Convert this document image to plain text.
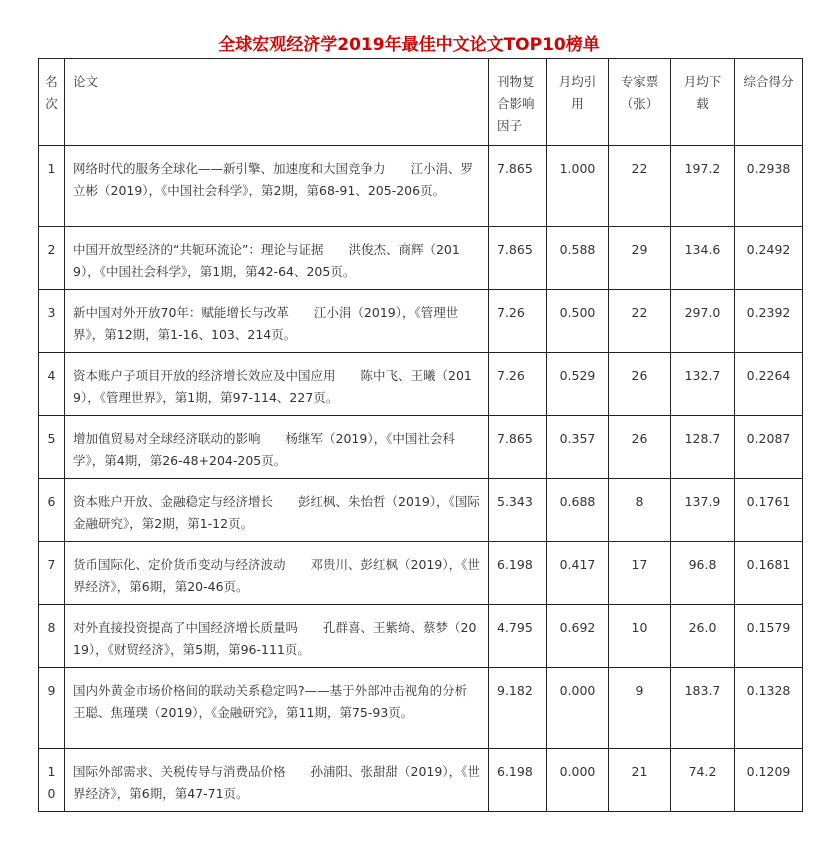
全球宏观经济学2019年最佳中文论文TOP10榜单
名次	论文	刊物复合影响因子	月均引用	专家票（张）	月均下载	综合得分
1	网络时代的服务全球化——新引擎、加速度和大国竞争力　　江小涓、罗立彬（2019），《中国社会科学》，第2期，第68-91、205-206页。	7.865	1.000	22	197.2	0.2938
2	中国开放型经济的“共轭环流论”：理论与证据　　洪俊杰、商辉（2019），《中国社会科学》，第1期，第42-64、205页。	7.865	0.588	29	134.6	0.2492
3	新中国对外开放70年：赋能增长与改革　　江小涓（2019），《管理世界》，第12期，第1-16、103、214页。	7.26	0.500	22	297.0	0.2392
4	资本账户子项目开放的经济增长效应及中国应用　　陈中飞、王曦（2019），《管理世界》，第1期，第97-114、227页。	7.26	0.529	26	132.7	0.2264
5	增加值贸易对全球经济联动的影响　　杨继军（2019），《中国社会科学》，第4期，第26-48+204-205页。	7.865	0.357	26	128.7	0.2087
6	资本账户开放、金融稳定与经济增长　　彭红枫、朱怡哲（2019），《国际金融研究》，第2期，第1-12页。	5.343	0.688	8	137.9	0.1761
7	货币国际化、定价货币变动与经济波动　　邓贵川、彭红枫（2019），《世界经济》，第6期，第20-46页。	6.198	0.417	17	96.8	0.1681
8	对外直接投资提高了中国经济增长质量吗　　孔群喜、王紫绮、蔡梦（2019），《财贸经济》，第5期，第96-111页。	4.795	0.692	10	26.0	0.1579
9	国内外黄金市场价格间的联动关系稳定吗?——基于外部冲击视角的分析　　王聪、焦瑾璞（2019），《金融研究》，第11期，第75-93页。	9.182	0.000	9	183.7	0.1328
10	国际外部需求、关税传导与消费品价格　　孙浦阳、张甜甜（2019），《世界经济》，第6期，第47-71页。	6.198	0.000	21	74.2	0.1209
